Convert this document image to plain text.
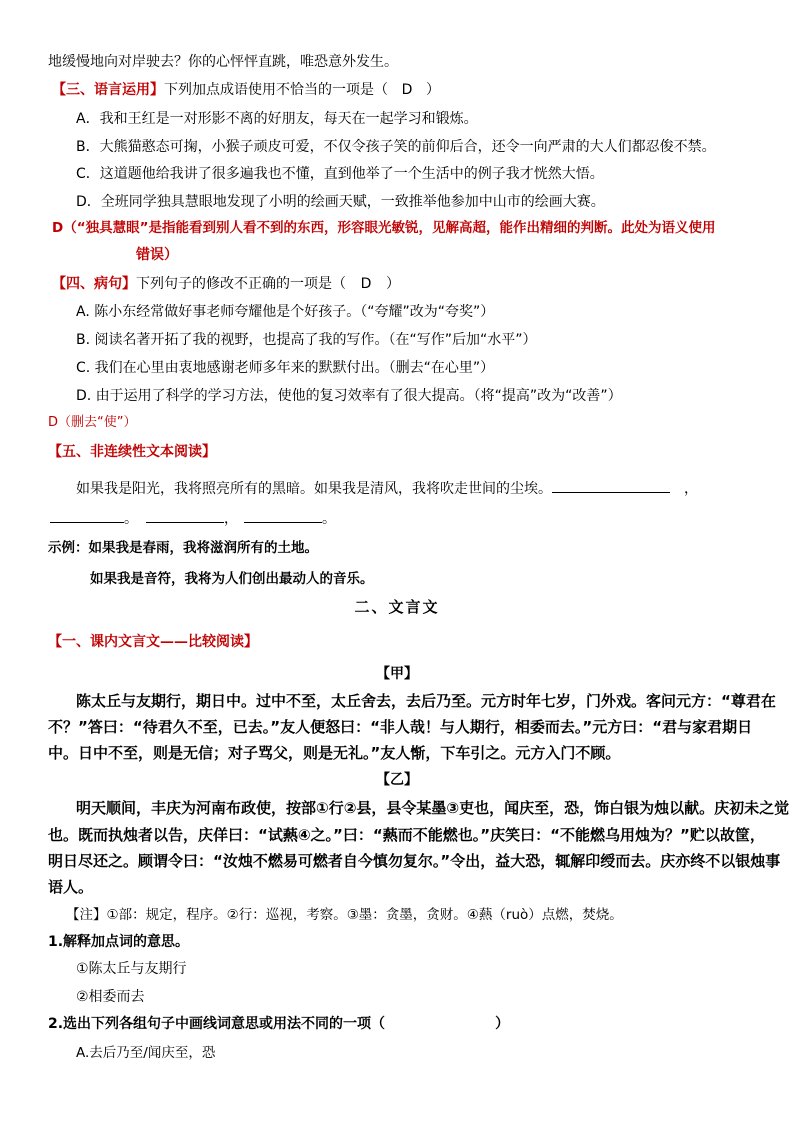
地缓慢地向对岸驶去？你的心怦怦直跳，唯恐意外发生。
【三、语言运用】下列加点成语使用不恰当的一项是（ D ）
A．我和王红是一对形影不离的好朋友，每天在一起学习和锻炼。
B．大熊猫憨态可掬，小猴子顽皮可爱，不仅令孩子笑的前仰后合，还令一向严肃的大人们都忍俊不禁。
C．这道题他给我讲了很多遍我也不懂，直到他举了一个生活中的例子我才恍然大悟。
D．全班同学独具慧眼地发现了小明的绘画天赋，一致推举他参加中山市的绘画大赛。
D（“独具慧眼”是指能看到别人看不到的东西，形容眼光敏锐，见解高超，能作出精细的判断。此处为语义使用
错误）
【四、病句】下列句子的修改不正确的一项是（ D ）
A. 陈小东经常做好事老师夸耀他是个好孩子。（“夸耀”改为“夸奖”）
B. 阅读名著开拓了我的视野，也提高了我的写作。（在“写作”后加“水平”）
C. 我们在心里由衷地感谢老师多年来的默默付出。（删去“在心里”）
D. 由于运用了科学的学习方法，使他的复习效率有了很大提高。（将“提高”改为“改善”）
D（删去“使”）
【五、非连续性文本阅读】
如果我是阳光，我将照亮所有的黑暗。如果我是清风，我将吹走世间的尘埃。	，
。	，	。
示例：如果我是春雨，我将滋润所有的土地。
如果我是音符，我将为人们创出最动人的音乐。
二、文言文
【一、课内文言文——比较阅读】
【甲】
陈太丘与友期行，期日中。过中不至，太丘舍去，去后乃至。元方时年七岁，门外戏。客问元方：“尊君在
不？”答曰：“待君久不至，已去。”友人便怒曰：“非人哉！与人期行，相委而去。”元方曰：“君与家君期日
中。日中不至，则是无信；对子骂父，则是无礼。”友人惭，下车引之。元方入门不顾。
【乙】
明天顺间，丰庆为河南布政使，按部①行②县，县令某墨③吏也，闻庆至，恐，饰白银为烛以献。庆初未之觉
也。既而执烛者以告，庆佯曰：“试爇④之。”曰：“爇而不能燃也。”庆笑曰：“不能燃乌用烛为？”贮以故筐，
明日尽还之。顾谓令曰：“汝烛不燃易可燃者自今慎勿复尔。”令出，益大恐，辄解印绶而去。庆亦终不以银烛事
语人。
【注】①部：规定，程序。②行：巡视，考察。③墨：贪墨，贪财。④爇（ruò）点燃，焚烧。
1.解释加点词的意思。
①陈太丘与友期行
②相委而去
2.选出下列各组句子中画线词意思或用法不同的一项（	）
A.去后乃至/闻庆至，恐
